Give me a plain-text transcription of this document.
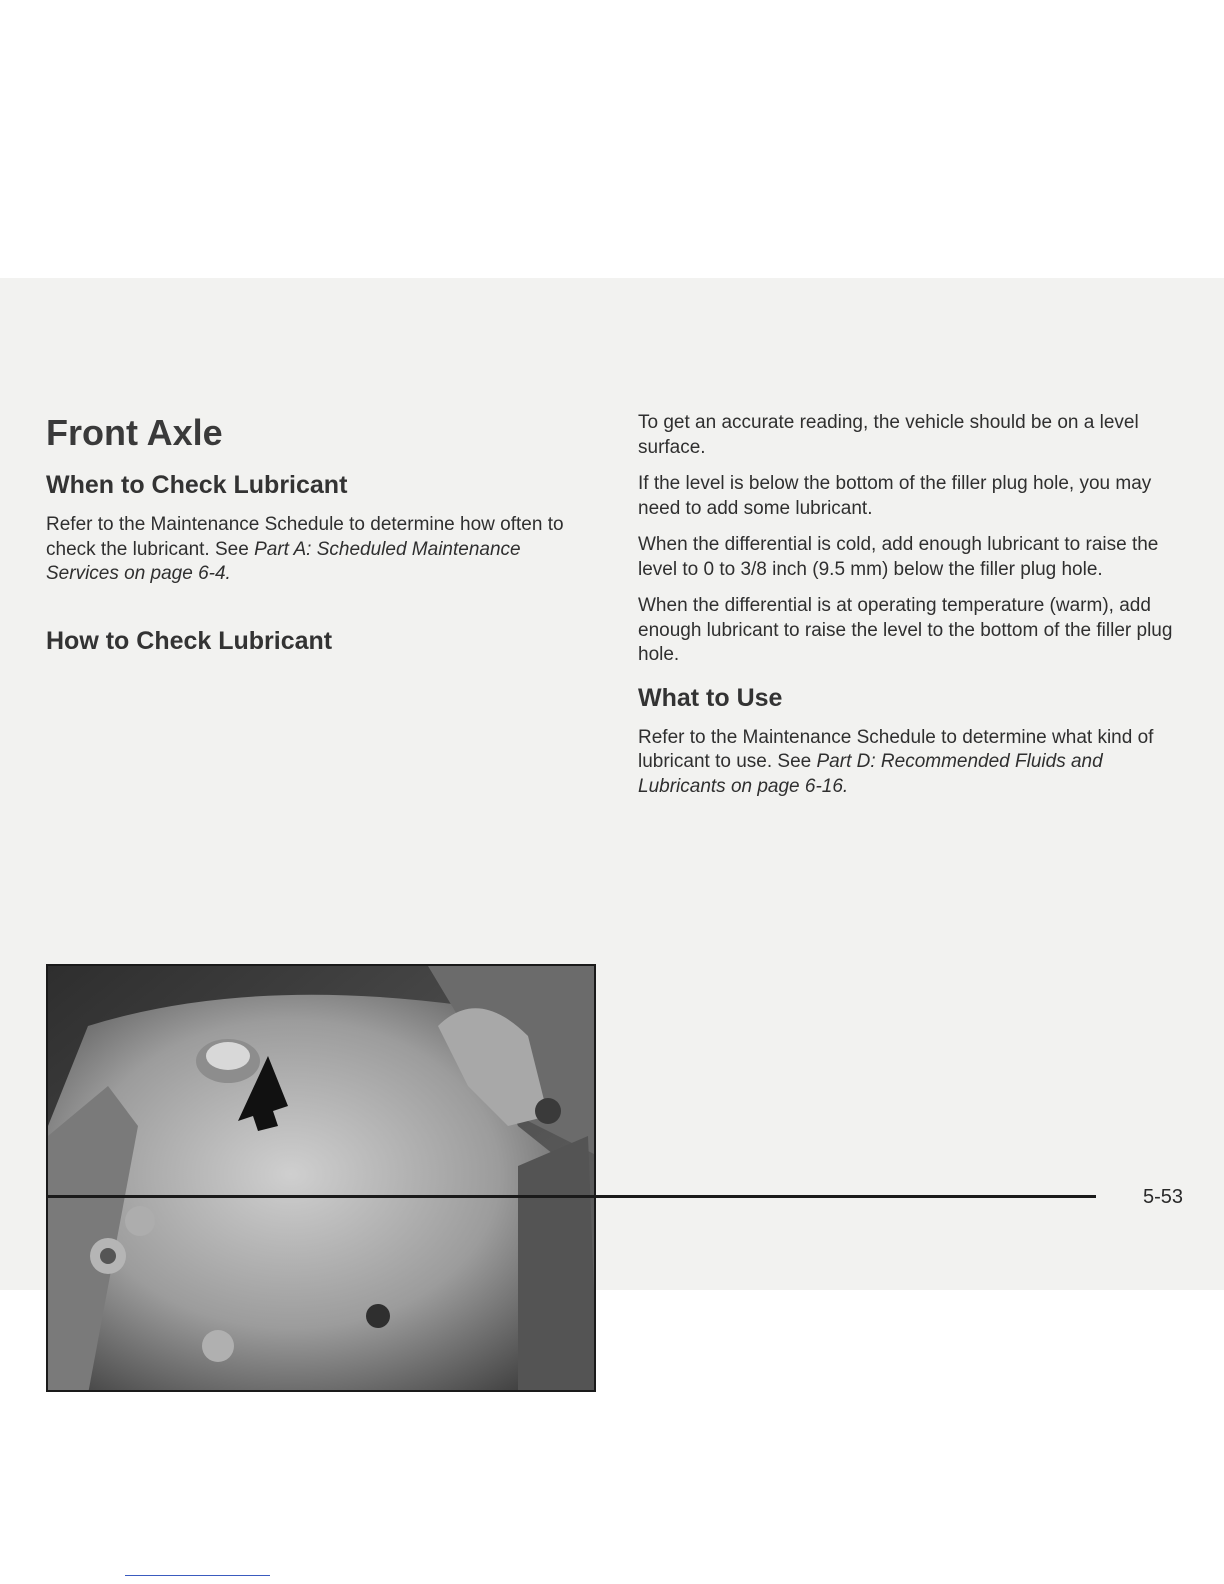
Front Axle
When to Check Lubricant

Refer to the Maintenance Schedule to determine how often to check the lubricant. See Part A: Scheduled Maintenance Services on page 6-4.

How to Check Lubricant

To get an accurate reading, the vehicle should be on a level surface.

If the level is below the bottom of the filler plug hole, you may need to add some lubricant.

When the differential is cold, add enough lubricant to raise the level to 0 to 3/8 inch (9.5 mm) below the filler plug hole.

When the differential is at operating temperature (warm), add enough lubricant to raise the level to the bottom of the filler plug hole.

What to Use

Refer to the Maintenance Schedule to determine what kind of lubricant to use. See Part D: Recommended Fluids and Lubricants on page 6-16.

5-53
